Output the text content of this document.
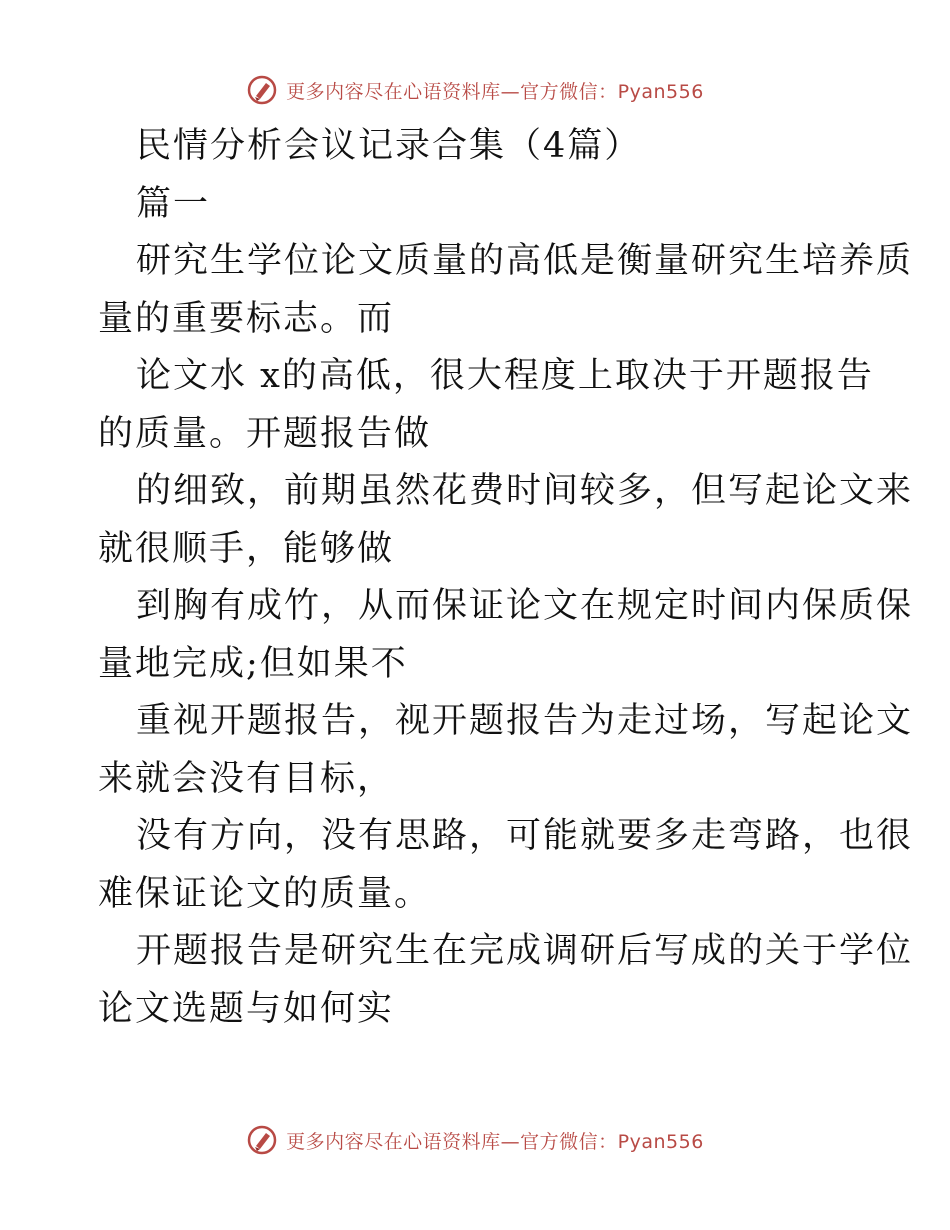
更多内容尽在心语资料库—官方微信：Pyan556
民情分析会议记录合集（4篇）
篇一
研究生学位论文质量的高低是衡量研究生培养质
量的重要标志。而
论文水 x的高低，很大程度上取决于开题报告
的质量。开题报告做
的细致，前期虽然花费时间较多，但写起论文来
就很顺手，能够做
到胸有成竹，从而保证论文在规定时间内保质保
量地完成;但如果不
重视开题报告，视开题报告为走过场，写起论文
来就会没有目标，
没有方向，没有思路，可能就要多走弯路，也很
难保证论文的质量。
开题报告是研究生在完成调研后写成的关于学位
论文选题与如何实
更多内容尽在心语资料库—官方微信：Pyan556
